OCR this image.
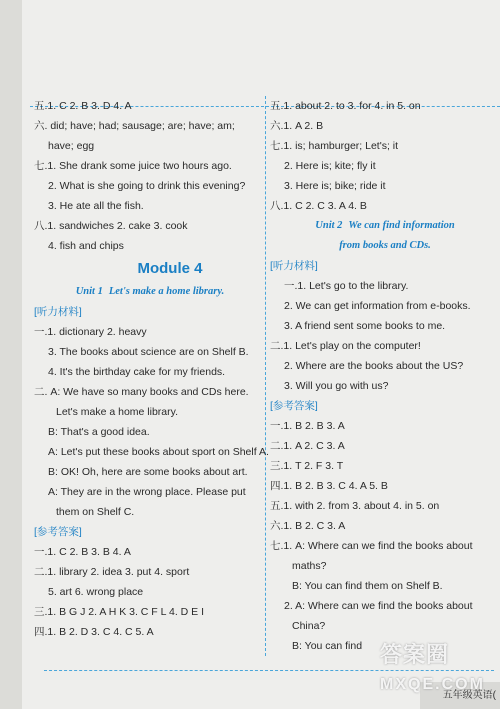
五.1. C 2. B 3. D 4. A
六. did; have; had; sausage; are; have; am;
have; egg
七.1. She drank some juice two hours ago.
2. What is she going to drink this evening?
3. He ate all the fish.
八.1. sandwiches 2. cake 3. cook
4. fish and chips
Module 4
Unit 1 Let's make a home library.
[听力材料]
一.1. dictionary 2. heavy
3. The books about science are on Shelf B.
4. It's the birthday cake for my friends.
二. A: We have so many books and CDs here.
Let's make a home library.
B: That's a good idea.
A: Let's put these books about sport on Shelf A.
B: OK! Oh, here are some books about art.
A: They are in the wrong place. Please put
them on Shelf C.
[参考答案]
一.1. C 2. B 3. B 4. A
二.1. library 2. idea 3. put 4. sport
5. art 6. wrong place
三.1. B G J 2. A H K 3. C F L 4. D E I
四.1. B 2. D 3. C 4. C 5. A
五.1. about 2. to 3. for 4. in 5. on
六.1. A 2. B
七.1. is; hamburger; Let's; it
2. Here is; kite; fly it
3. Here is; bike; ride it
八.1. C 2. C 3. A 4. B
Unit 2 We can find information
from books and CDs.
[听力材料]
一.1. Let's go to the library.
2. We can get information from e-books.
3. A friend sent some books to me.
二.1. Let's play on the computer!
2. Where are the books about the US?
3. Will you go with us?
[参考答案]
一.1. B 2. B 3. A
二.1. A 2. C 3. A
三.1. T 2. F 3. T
四.1. B 2. B 3. C 4. A 5. B
五.1. with 2. from 3. about 4. in 5. on
六.1. B 2. C 3. A
七.1. A: Where can we find the books about
maths?
B: You can find them on Shelf B.
2. A: Where can we find the books about
China?
B: You can find
五年级英语(
答案圈
MXQE.COM
